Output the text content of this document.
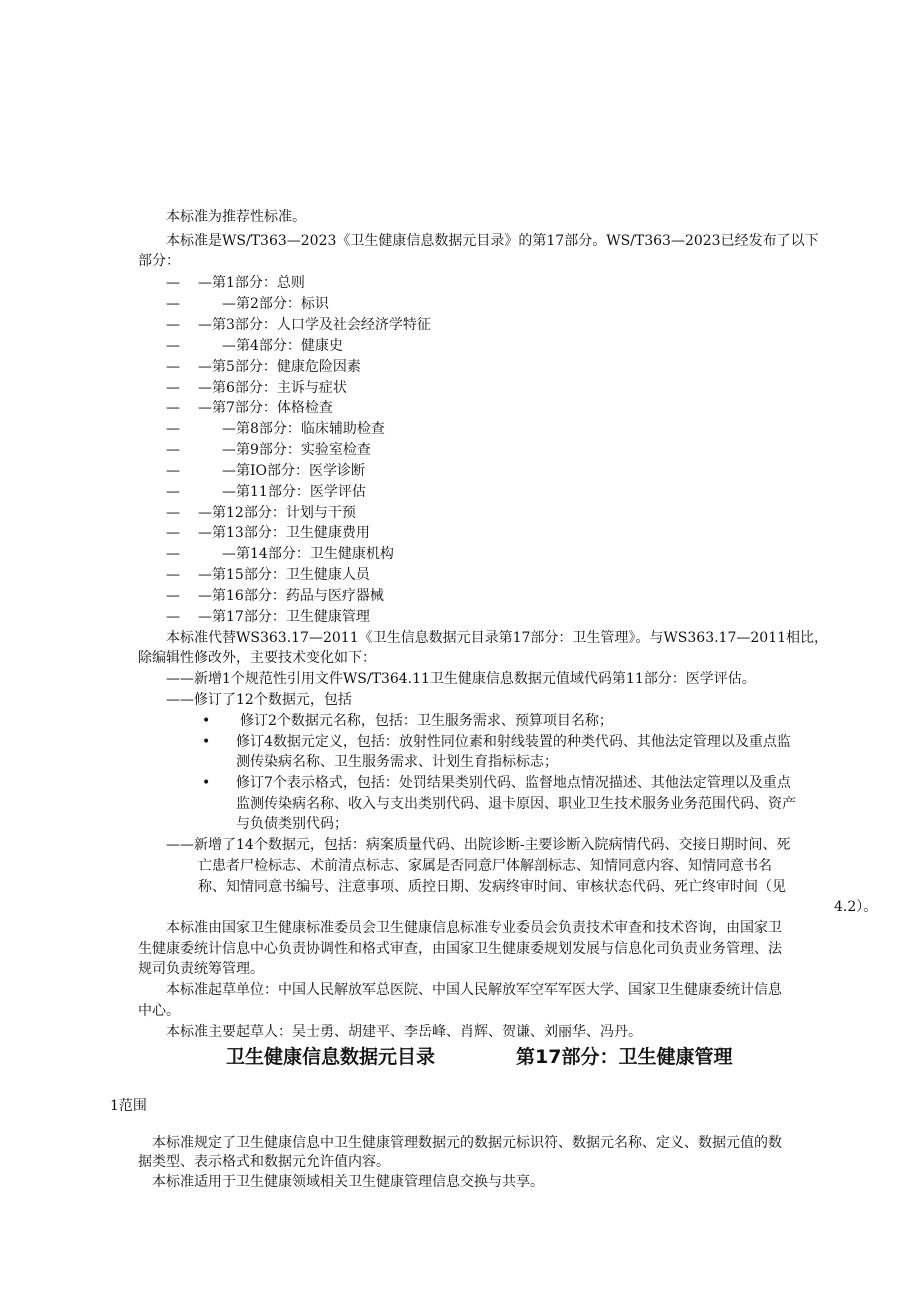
本标准为推荐性标准。
本标准是WS/T363—2023《卫生健康信息数据元目录》的第17部分。WS/T363—2023已经发布了以下
部分：
— —第1部分：总则
—	—第2部分：标识
— —第3部分：人口学及社会经济学特征
—	—第4部分：健康史
— —第5部分：健康危险因素
— —第6部分：主诉与症状
— —第7部分：体格检查
—	—第8部分：临床辅助检查
—	—第9部分：实验室检查
—	—第IO部分：医学诊断
—	—第11部分：医学评估
— —第12部分：计划与干预
— —第13部分：卫生健康费用
—	—第14部分：卫生健康机构
— —第15部分：卫生健康人员
— —第16部分：药品与医疗器械
— —第17部分：卫生健康管理
本标准代替WS363.17—2011《卫生信息数据元目录第17部分：卫生管理》。与WS363.17—2011相比，
除编辑性修改外，主要技术变化如下：
——新增1个规范性引用文件WS/T364.11卫生健康信息数据元值域代码第11部分：医学评估。
——修订了12个数据元，包括
• 修订2个数据元名称，包括：卫生服务需求、预算项目名称；
• 修订4数据元定义，包括：放射性同位素和射线装置的种类代码、其他法定管理以及重点监
测传染病名称、卫生服务需求、计划生育指标标志；
• 修订7个表示格式，包括：处罚结果类别代码、监督地点情况描述、其他法定管理以及重点
监测传染病名称、收入与支出类别代码、退卡原因、职业卫生技术服务业务范围代码、资产
与负债类别代码；
——新增了14个数据元，包括：病案质量代码、出院诊断-主要诊断入院病情代码、交接日期时间、死
亡患者尸检标志、术前清点标志、家属是否同意尸体解剖标志、知情同意内容、知情同意书名
称、知情同意书编号、注意事项、质控日期、发病终审时间、审核状态代码、死亡终审时间（见
4.2）。
本标准由国家卫生健康标准委员会卫生健康信息标准专业委员会负责技术审查和技术咨询，由国家卫
生健康委统计信息中心负责协调性和格式审查，由国家卫生健康委规划发展与信息化司负责业务管理、法
规司负责统筹管理。
本标准起草单位：中国人民解放军总医院、中国人民解放军空军军医大学、国家卫生健康委统计信息
中心。
本标准主要起草人：吴士勇、胡建平、李岳峰、肖辉、贺谦、刘丽华、冯丹。
卫生健康信息数据元目录	第17部分：卫生健康管理
1范围
本标准规定了卫生健康信息中卫生健康管理数据元的数据元标识符、数据元名称、定义、数据元值的数
据类型、表示格式和数据元允许值内容。
本标准适用于卫生健康领域相关卫生健康管理信息交换与共享。
